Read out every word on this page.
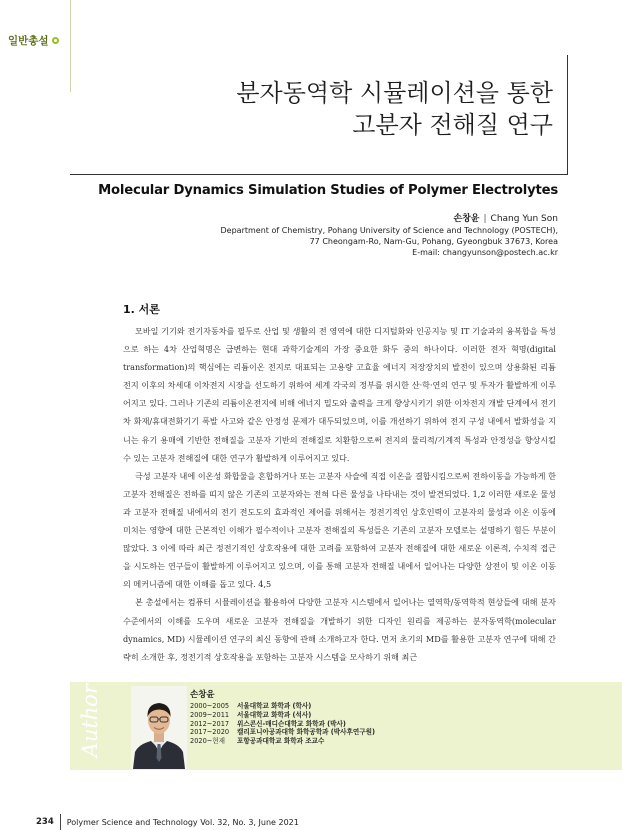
일반총설
분자동역학 시뮬레이션을 통한
고분자 전해질 연구
Molecular Dynamics Simulation Studies of Polymer Electrolytes
손창윤 | Chang Yun Son
Department of Chemistry, Pohang University of Science and Technology (POSTECH),
77 Cheongam-Ro, Nam-Gu, Pohang, Gyeongbuk 37673, Korea
E-mail: changyunson@postech.ac.kr
1. 서론

모바일 기기와 전기자동차를 필두로 산업 및 생활의 전 영역에 대한 디지털화와 인공지능 및 IT 기술과의 융복합을 특성으로 하는 4차 산업혁명은 급변하는 현대 과학기술계의 가장 중요한 화두 중의 하나이다. 이러한 전자 혁명(digital transformation)의 핵심에는 리튬이온 전지로 대표되는 고용량 고효율 에너지 저장장치의 발전이 있으며 상용화된 리튬 전지 이후의 차세대 이차전지 시장을 선도하기 위하여 세계 각국의 정부를 위시한 산·학·연의 연구 및 투자가 활발하게 이루어지고 있다. 그러나 기존의 리튬이온전지에 비해 에너지 밀도와 출력을 크게 향상시키기 위한 이차전지 개발 단계에서 전기차 화재/휴대전화기기 폭발 사고와 같은 안정성 문제가 대두되었으며, 이를 개선하기 위하여 전지 구성 내에서 발화성을 지니는 유기 용매에 기반한 전해질을 고분자 기반의 전해질로 치환함으로써 전지의 물리적/기계적 특성과 안정성을 향상시킬 수 있는 고분자 전해질에 대한 연구가 활발하게 이루어지고 있다.

극성 고분자 내에 이온성 화합물을 혼합하거나 또는 고분자 사슬에 직접 이온을 결합시킴으로써 전하이동을 가능하게 한 고분자 전해질은 전하를 띠지 않은 기존의 고분자와는 전혀 다른 물성을 나타내는 것이 발견되었다. 1,2 이러한 새로운 물성과 고분자 전해질 내에서의 전기 전도도의 효과적인 제어를 위해서는 정전기적인 상호인력이 고분자의 물성과 이온 이동에 미치는 영향에 대한 근본적인 이해가 필수적이나 고분자 전해질의 특성들은 기존의 고분자 모델로는 설명하기 힘든 부분이 많았다. 3 이에 따라 최근 정전기적인 상호작용에 대한 고려를 포함하여 고분자 전해질에 대한 새로운 이론적, 수치적 접근을 시도하는 연구들이 활발하게 이루어지고 있으며, 이를 통해 고분자 전해질 내에서 일어나는 다양한 상전이 및 이온 이동의 메커니즘에 대한 이해를 돕고 있다. 4,5

본 총설에서는 컴퓨터 시뮬레이션을 활용하여 다양한 고분자 시스템에서 일어나는 열역학/동역학적 현상들에 대해 분자 수준에서의 이해를 도우며 새로운 고분자 전해질을 개발하기 위한 디자인 원리를 제공하는 분자동역학(molecular dynamics, MD) 시뮬레이션 연구의 최신 동향에 관해 소개하고자 한다. 먼저 초기의 MD를 활용한 고분자 연구에 대해 간략히 소개한 후, 정전기적 상호작용을 포함하는 고분자 시스템을 모사하기 위해 최근

Author	손창윤
2000~2005	서울대학교 화학과 (학사)
2009~2011	서울대학교 화학과 (석사)
2012~2017	위스콘신-매디슨대학교 화학과 (박사)
2017~2020	캘리포니아공과대학 화학공학과 (박사후연구원)
2020~현재	포항공과대학교 화학과 조교수
234 Polymer Science and Technology Vol. 32, No. 3, June 2021
